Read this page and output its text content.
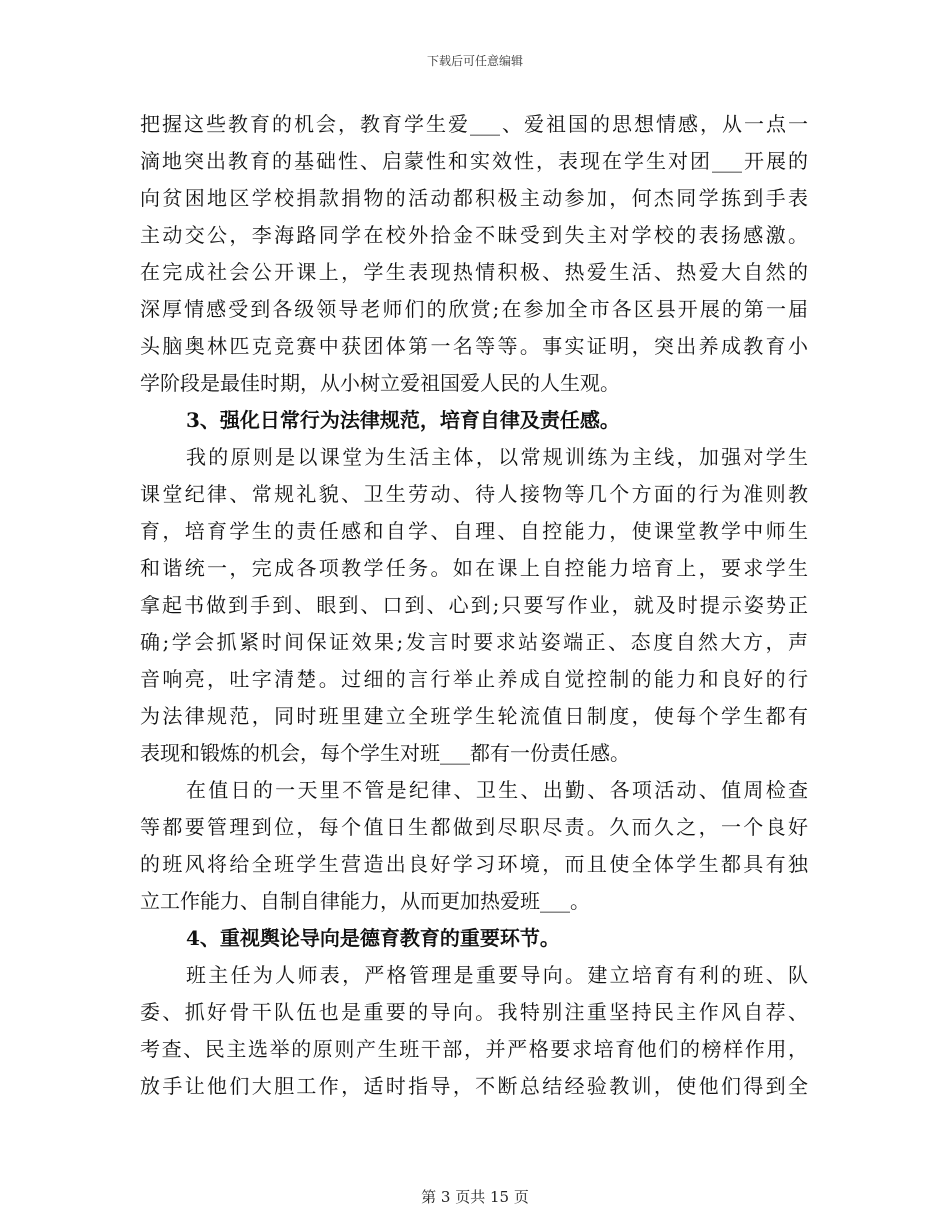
下载后可任意编辑
把握这些教育的机会，教育学生爱___、爱祖国的思想情感，从一点一
滴地突出教育的基础性、启蒙性和实效性，表现在学生对团___开展的
向贫困地区学校捐款捐物的活动都积极主动参加，何杰同学拣到手表
主动交公，李海路同学在校外拾金不昧受到失主对学校的表扬感激。
在完成社会公开课上，学生表现热情积极、热爱生活、热爱大自然的
深厚情感受到各级领导老师们的欣赏;在参加全市各区县开展的第一届
头脑奥林匹克竞赛中获团体第一名等等。事实证明，突出养成教育小
学阶段是最佳时期，从小树立爱祖国爱人民的人生观。
3、强化日常行为法律规范，培育自律及责任感。
我的原则是以课堂为生活主体，以常规训练为主线，加强对学生
课堂纪律、常规礼貌、卫生劳动、待人接物等几个方面的行为准则教
育，培育学生的责任感和自学、自理、自控能力，使课堂教学中师生
和谐统一，完成各项教学任务。如在课上自控能力培育上，要求学生
拿起书做到手到、眼到、口到、心到;只要写作业，就及时提示姿势正
确;学会抓紧时间保证效果;发言时要求站姿端正、态度自然大方，声
音响亮，吐字清楚。过细的言行举止养成自觉控制的能力和良好的行
为法律规范，同时班里建立全班学生轮流值日制度，使每个学生都有
表现和锻炼的机会，每个学生对班___都有一份责任感。
在值日的一天里不管是纪律、卫生、出勤、各项活动、值周检查
等都要管理到位，每个值日生都做到尽职尽责。久而久之，一个良好
的班风将给全班学生营造出良好学习环境，而且使全体学生都具有独
立工作能力、自制自律能力，从而更加热爱班___。
4、重视舆论导向是德育教育的重要环节。
班主任为人师表，严格管理是重要导向。建立培育有利的班、队
委、抓好骨干队伍也是重要的导向。我特别注重坚持民主作风自荐、
考查、民主选举的原则产生班干部，并严格要求培育他们的榜样作用，
放手让他们大胆工作，适时指导，不断总结经验教训，使他们得到全
第 3 页共 15 页
